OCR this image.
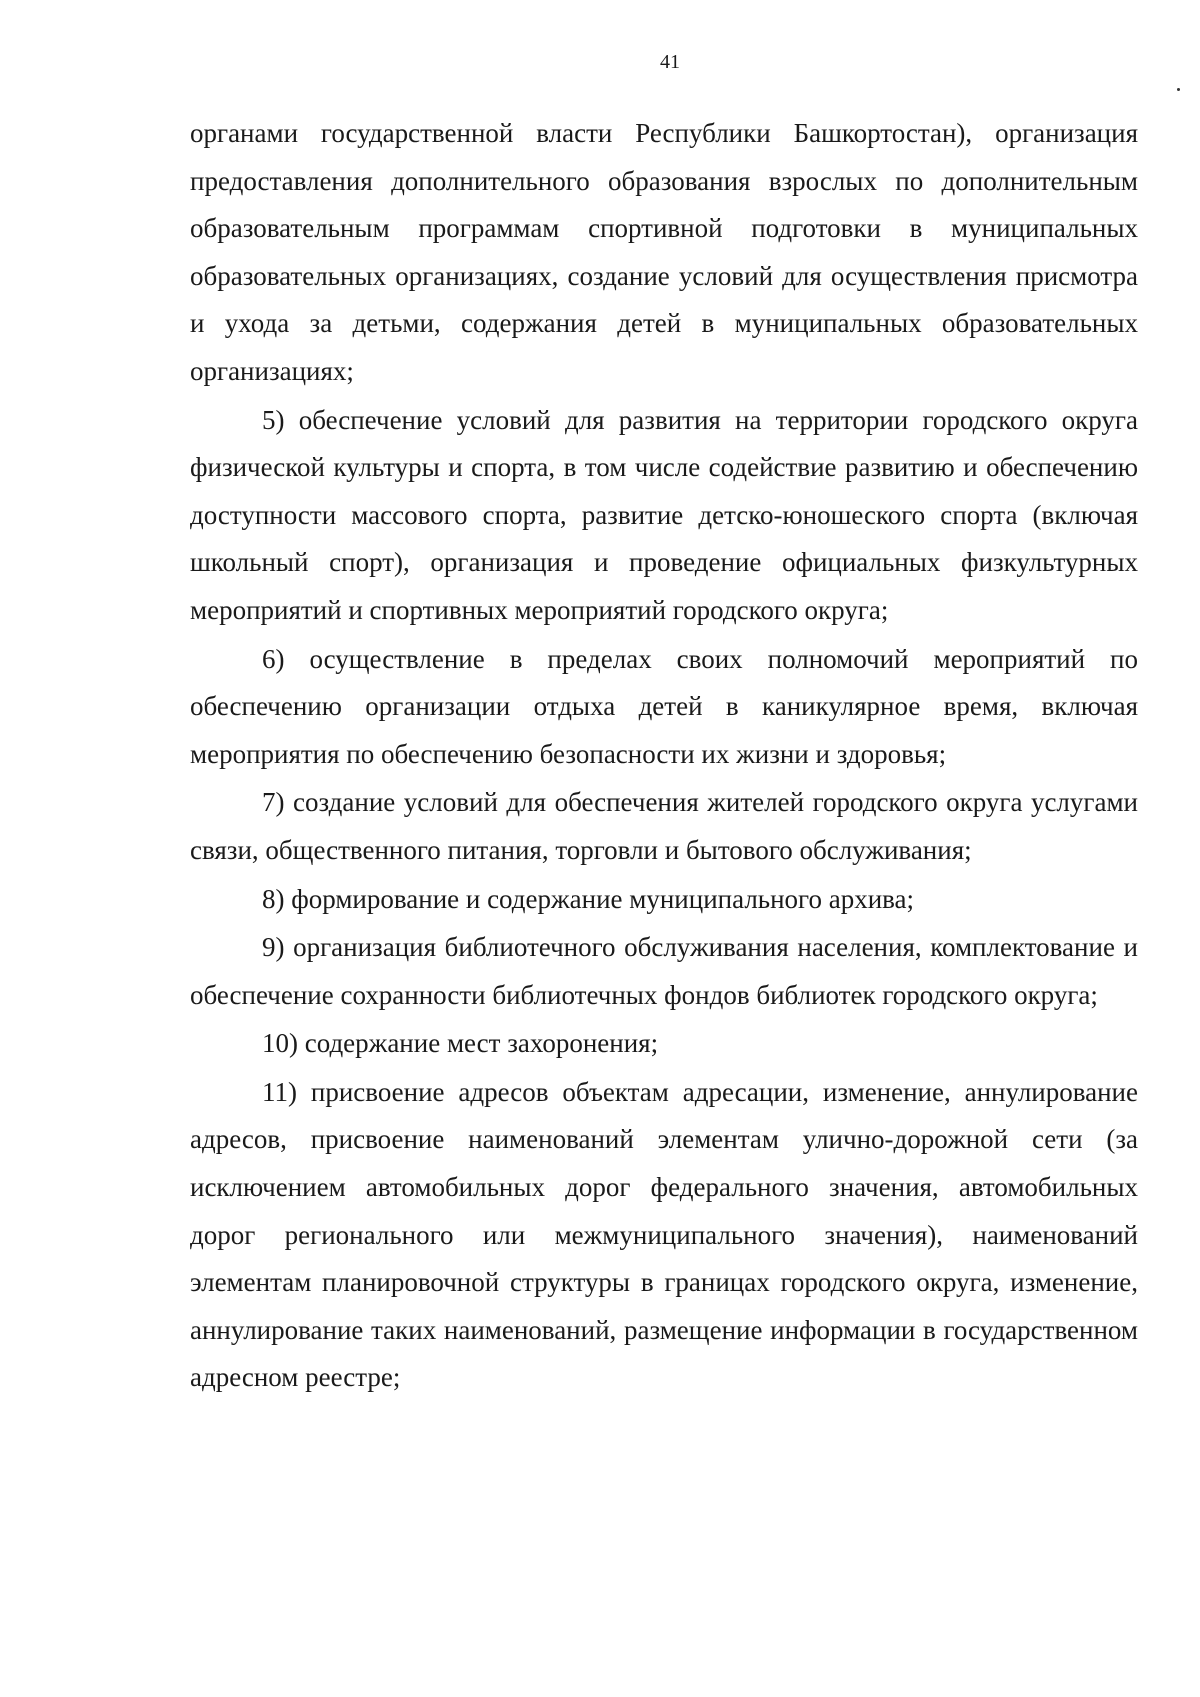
41

органами государственной власти Республики Башкортостан), организация предоставления дополнительного образования взрослых по дополнительным образовательным программам спортивной подготовки в муниципальных образовательных организациях, создание условий для осуществления присмотра и ухода за детьми, содержания детей в муниципальных образовательных организациях;

5) обеспечение условий для развития на территории городского округа физической культуры и спорта, в том числе содействие развитию и обеспечению доступности массового спорта, развитие детско-юношеского спорта (включая школьный спорт), организация и проведение официальных физкультурных мероприятий и спортивных мероприятий городского округа;

6) осуществление в пределах своих полномочий мероприятий по обеспечению организации отдыха детей в каникулярное время, включая мероприятия по обеспечению безопасности их жизни и здоровья;

7) создание условий для обеспечения жителей городского округа услугами связи, общественного питания, торговли и бытового обслуживания;

8) формирование и содержание муниципального архива;

9) организация библиотечного обслуживания населения, комплектование и обеспечение сохранности библиотечных фондов библиотек городского округа;

10) содержание мест захоронения;

11) присвоение адресов объектам адресации, изменение, аннулирование адресов, присвоение наименований элементам улично-дорожной сети (за исключением автомобильных дорог федерального значения, автомобильных дорог регионального или межмуниципального значения), наименований элементам планировочной структуры в границах городского округа, изменение, аннулирование таких наименований, размещение информации в государственном адресном реестре;
